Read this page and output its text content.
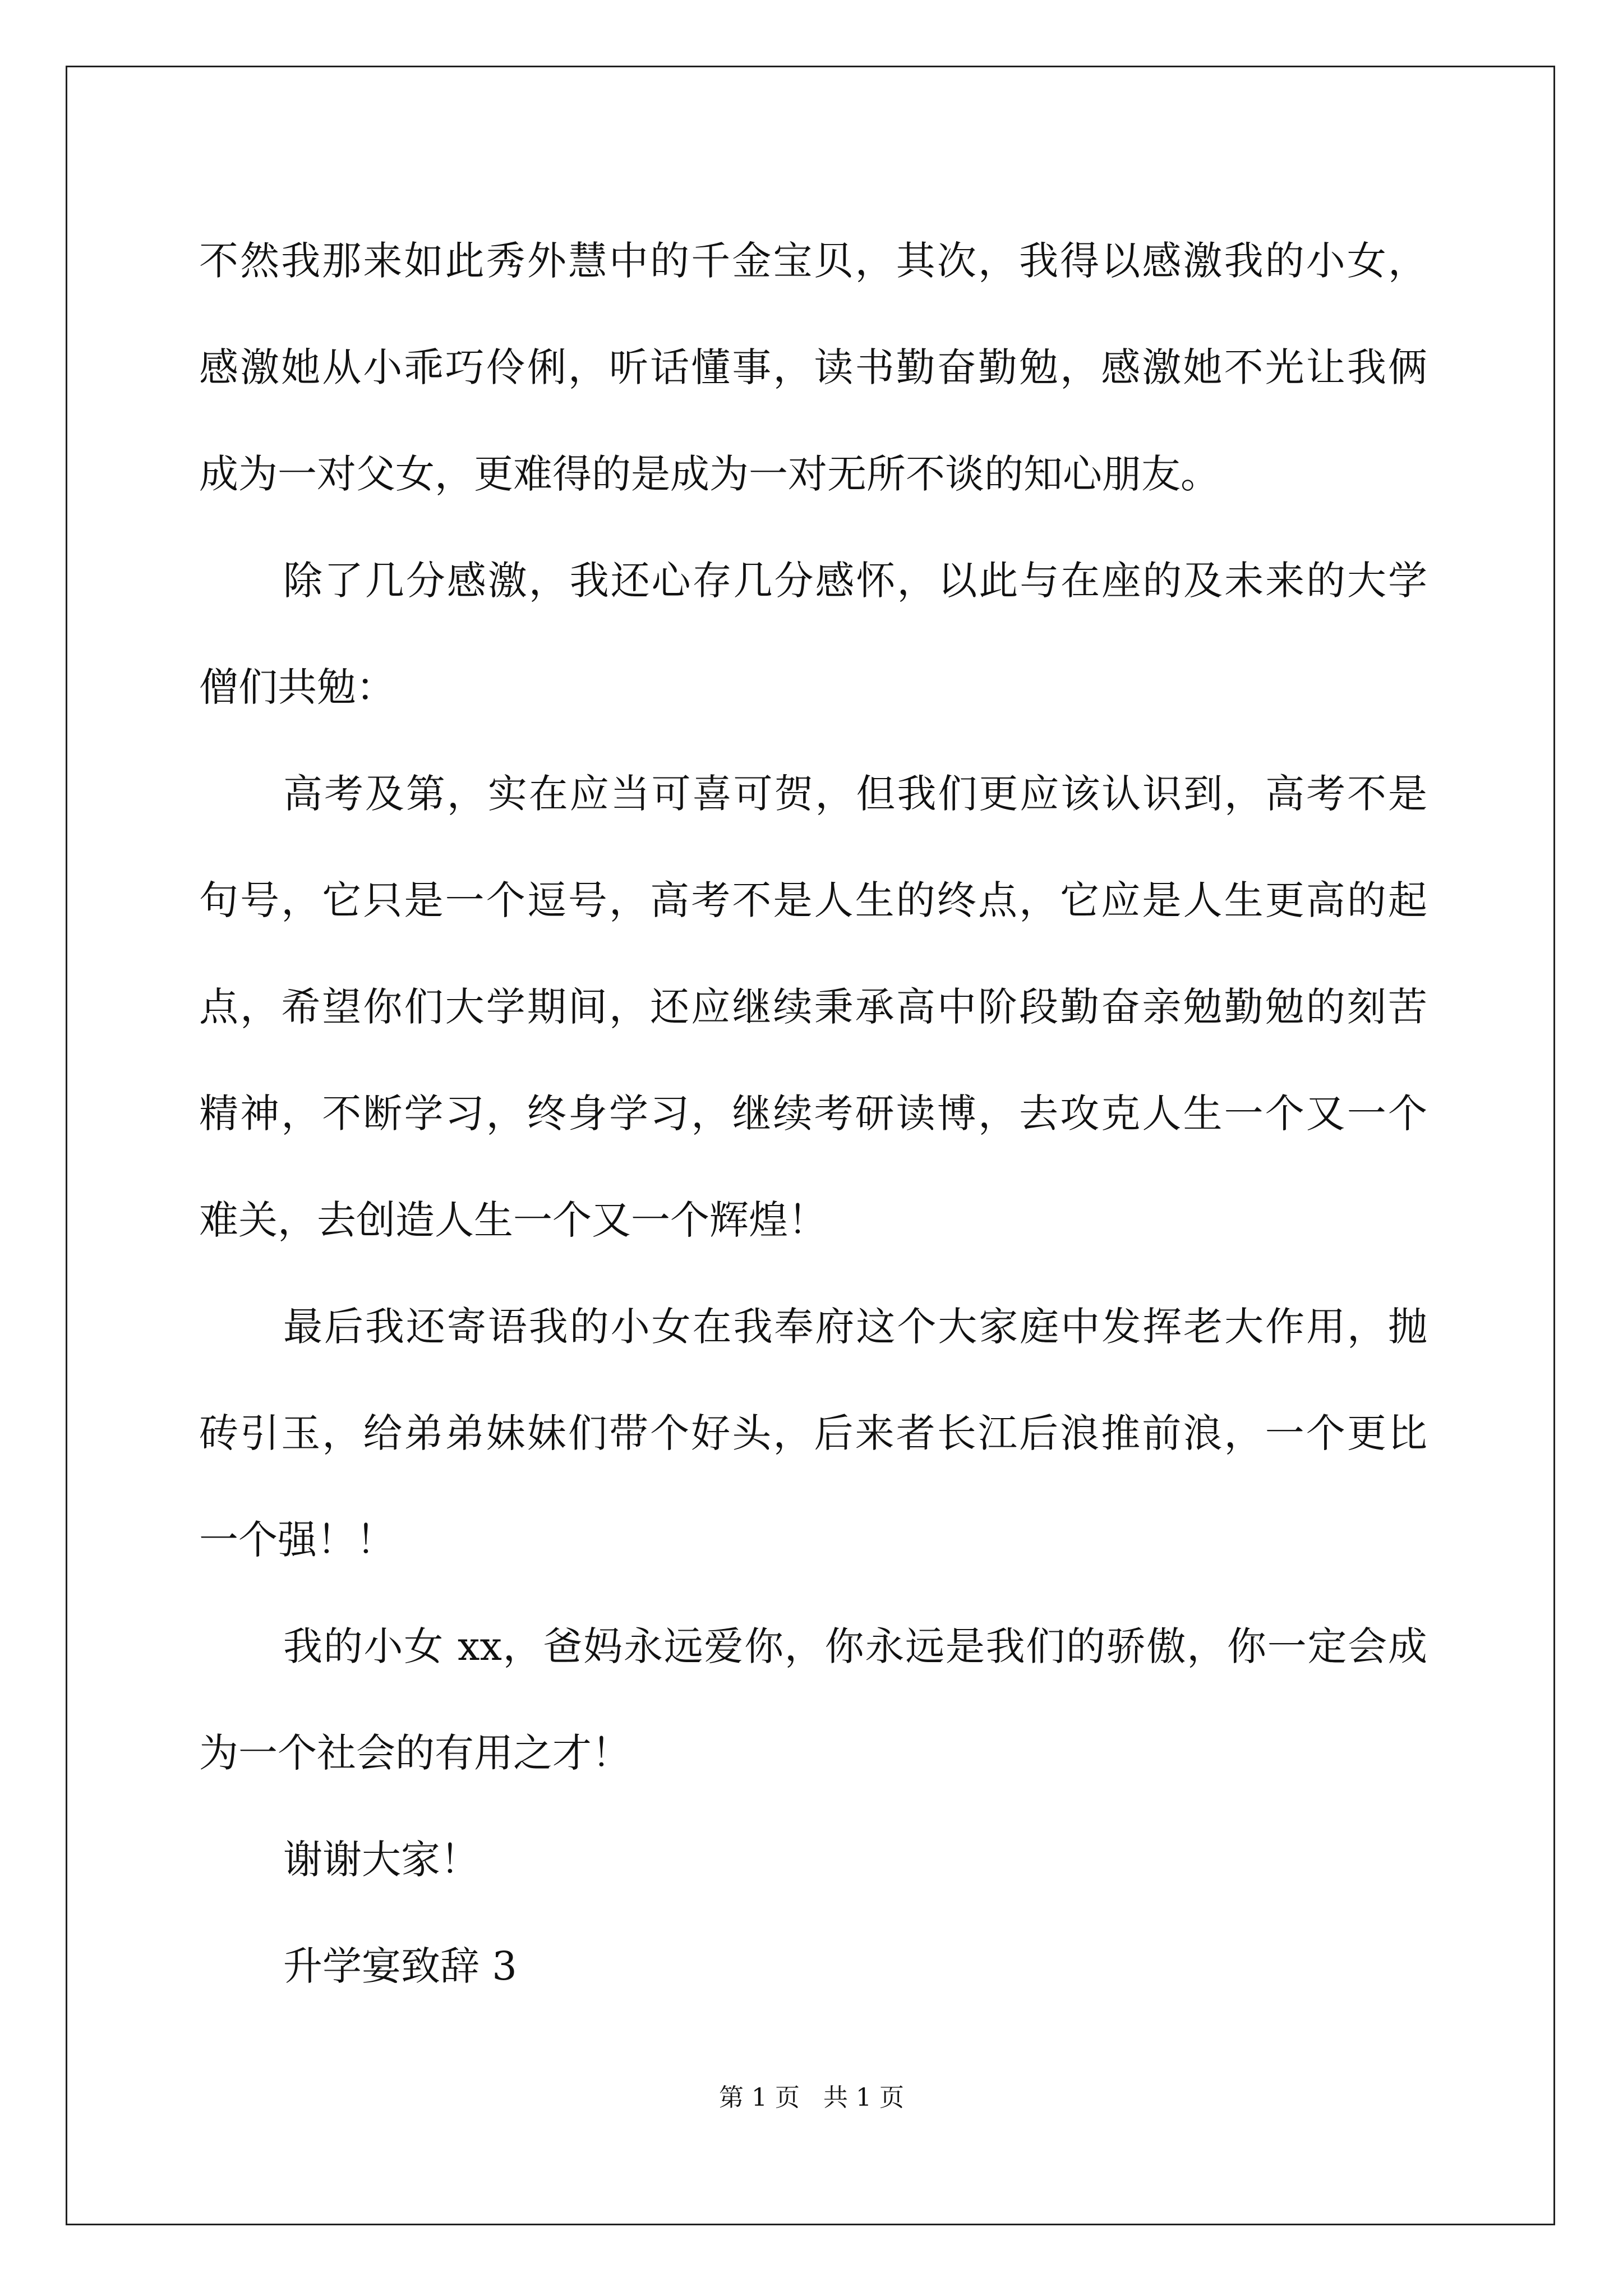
不然我那来如此秀外慧中的千金宝贝，其次，我得以感激我的小女，
感激她从小乖巧伶俐，听话懂事，读书勤奋勤勉，感激她不光让我俩
成为一对父女，更难得的是成为一对无所不谈的知心朋友。
除了几分感激，我还心存几分感怀，以此与在座的及未来的大学
僧们共勉：
高考及第，实在应当可喜可贺，但我们更应该认识到，高考不是
句号，它只是一个逗号，高考不是人生的终点，它应是人生更高的起
点，希望你们大学期间，还应继续秉承高中阶段勤奋亲勉勤勉的刻苦
精神，不断学习，终身学习，继续考研读博，去攻克人生一个又一个
难关，去创造人生一个又一个辉煌！
最后我还寄语我的小女在我奉府这个大家庭中发挥老大作用，抛
砖引玉，给弟弟妹妹们带个好头，后来者长江后浪推前浪，一个更比
一个强！！
我的小女 xx，爸妈永远爱你，你永远是我们的骄傲，你一定会成
为一个社会的有用之才！
谢谢大家！
升学宴致辞 3
第 1 页   共 1 页
